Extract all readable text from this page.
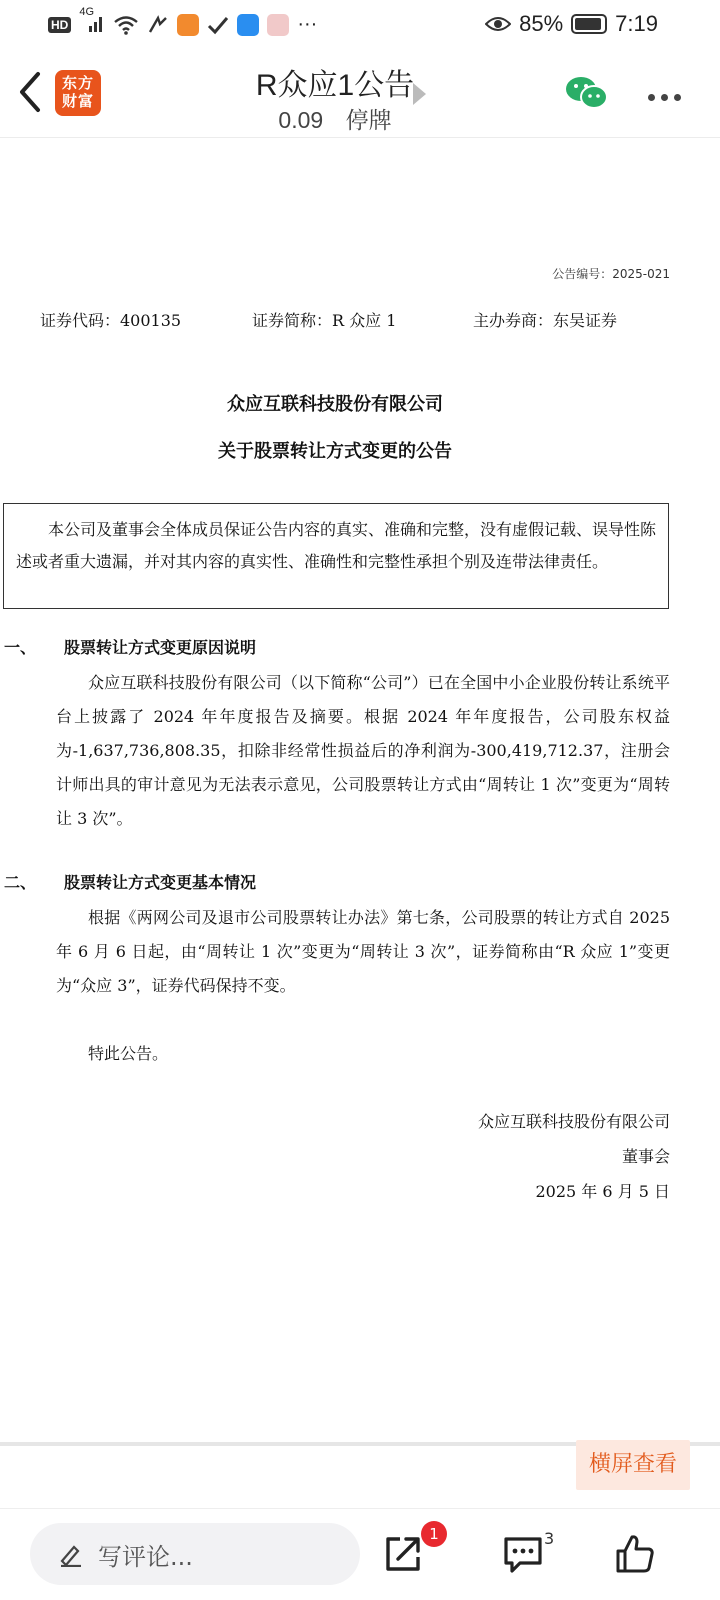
HD
4G
···	85% 7:19
东方财富	R众应1公告
0.09 停牌
公告编号：2025-021
证券代码：400135	证券简称：R 众应 1	主办券商：东吴证券
众应互联科技股份有限公司
关于股票转让方式变更的公告
本公司及董事会全体成员保证公告内容的真实、准确和完整，没有虚假记载、误导性陈述或者重大遗漏，并对其内容的真实性、准确性和完整性承担个别及连带法律责任。
一、 股票转让方式变更原因说明
众应互联科技股份有限公司（以下简称“公司”）已在全国中小企业股份转让系统平台上披露了 2024 年年度报告及摘要。根据 2024 年年度报告，公司股东权益为-1,637,736,808.35，扣除非经常性损益后的净利润为-300,419,712.37，注册会计师出具的审计意见为无法表示意见，公司股票转让方式由“周转让 1 次”变更为“周转让 3 次”。
二、 股票转让方式变更基本情况
根据《两网公司及退市公司股票转让办法》第七条，公司股票的转让方式自 2025 年 6 月 6 日起，由“周转让 1 次”变更为“周转让 3 次”，证券简称由“R 众应 1”变更为“众应 3”，证券代码保持不变。
特此公告。
众应互联科技股份有限公司
董事会
2025 年 6 月 5 日
横屏查看
写评论...
1	3
